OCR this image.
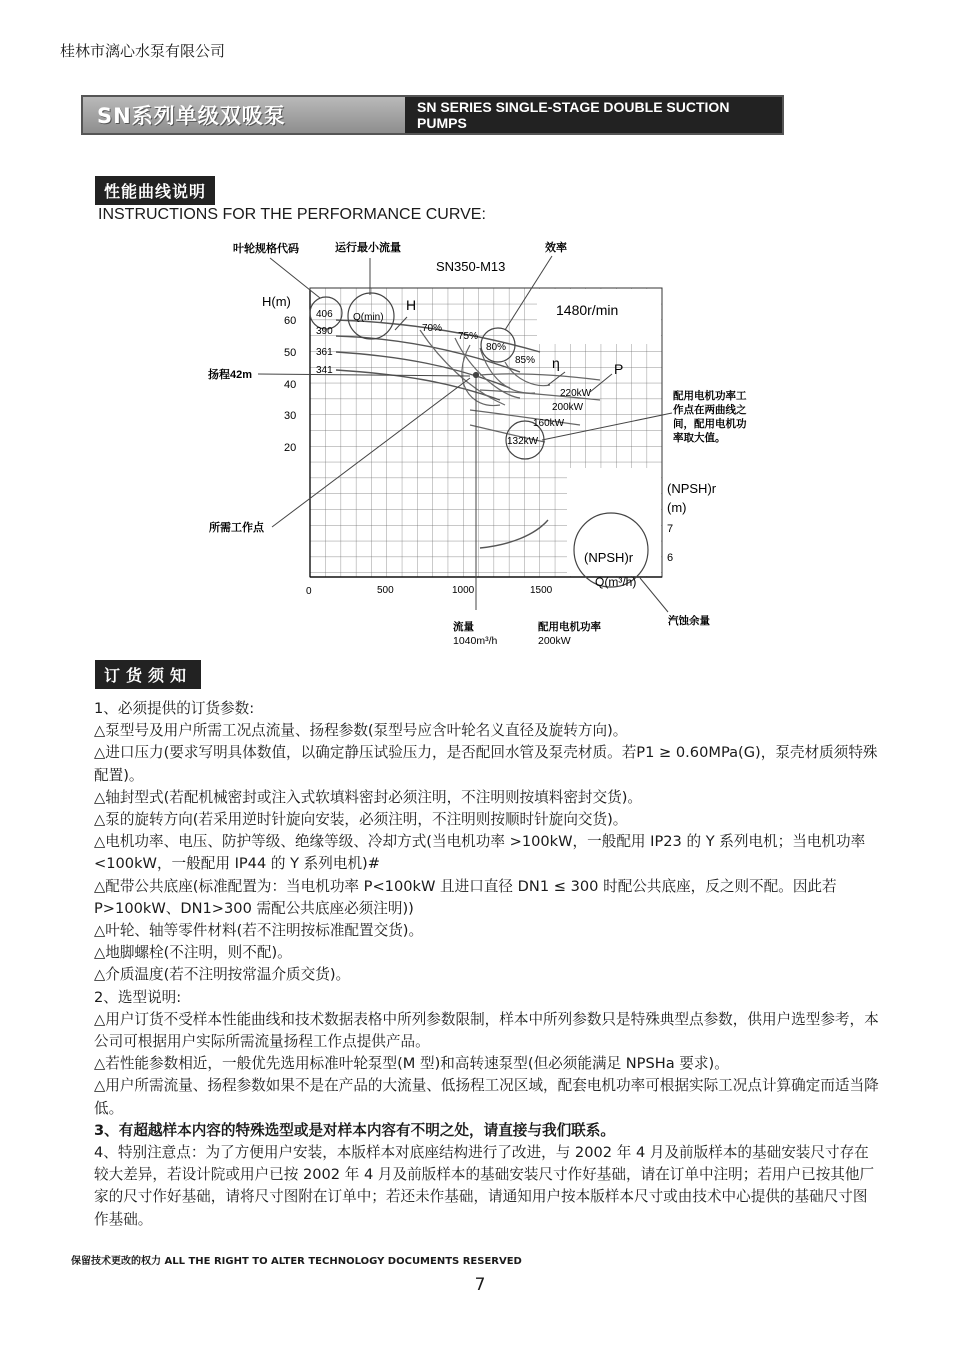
桂林市漓心水泵有限公司
SN系列单级双吸泵	SN SERIES SINGLE-STAGE DOUBLE SUCTION PUMPS
性能曲线说明
INSTRUCTIONS FOR THE PERFORMANCE CURVE:
叶轮规格代码	运行最小流量	效率
SN350-M13
H(m)
1480r/min
60
50
40
30
20
406
390
361
341
Q(min)
70%
75%
80%
85%
220kW
200kW
160kW
132kW
H
η	P
扬程42m
配用电机功率工
作点在两曲线之
间，配用电机功
率取大值。
(NPSH)r
(m)
7
6
(NPSH)r
Q(m³/h)
所需工作点
0	500	1000	1500
流量
1040m³/h
配用电机功率
200kW
汽蚀余量
订货须知

1、必须提供的订货参数:

△泵型号及用户所需工况点流量、扬程参数(泵型号应含叶轮名义直径及旋转方向)。

△进口压力(要求写明具体数值，以确定静压试验压力，是否配回水管及泵壳材质。若P1 ≥ 0.60MPa(G)，泵壳材质须特殊配置)。

△轴封型式(若配机械密封或注入式软填料密封必须注明，不注明则按填料密封交货)。

△泵的旋转方向(若采用逆时针旋向安装，必须注明，不注明则按顺时针旋向交货)。

△电机功率、电压、防护等级、绝缘等级、冷却方式(当电机功率 >100kW，一般配用 IP23 的 Y 系列电机；当电机功率 <100kW，一般配用 IP44 的 Y 系列电机)#

△配带公共底座(标准配置为：当电机功率 P<100kW 且进口直径 DN1 ≤ 300 时配公共底座，反之则不配。因此若P>100kW、DN1>300 需配公共底座必须注明))

△叶轮、轴等零件材料(若不注明按标准配置交货)。

△地脚螺栓(不注明，则不配)。

△介质温度(若不注明按常温介质交货)。

2、选型说明:

△用户订货不受样本性能曲线和技术数据表格中所列参数限制，样本中所列参数只是特殊典型点参数，供用户选型参考，本公司可根据用户实际所需流量扬程工作点提供产品。

△若性能参数相近，一般优先选用标准叶轮泵型(M 型)和高转速泵型(但必须能满足 NPSHa 要求)。

△用户所需流量、扬程参数如果不是在产品的大流量、低扬程工况区域，配套电机功率可根据实际工况点计算确定而适当降低。

3、有超越样本内容的特殊选型或是对样本内容有不明之处，请直接与我们联系。

4、特别注意点：为了方便用户安装，本版样本对底座结构进行了改进，与 2002 年 4 月及前版样本的基础安装尺寸存在较大差异，若设计院或用户已按 2002 年 4 月及前版样本的基础安装尺寸作好基础，请在订单中注明；若用户已按其他厂家的尺寸作好基础，请将尺寸图附在订单中；若还未作基础，请通知用户按本版样本尺寸或由技术中心提供的基础尺寸图作基础。

保留技术更改的权力 ALL THE RIGHT TO ALTER TECHNOLOGY DOCUMENTS RESERVED
7
